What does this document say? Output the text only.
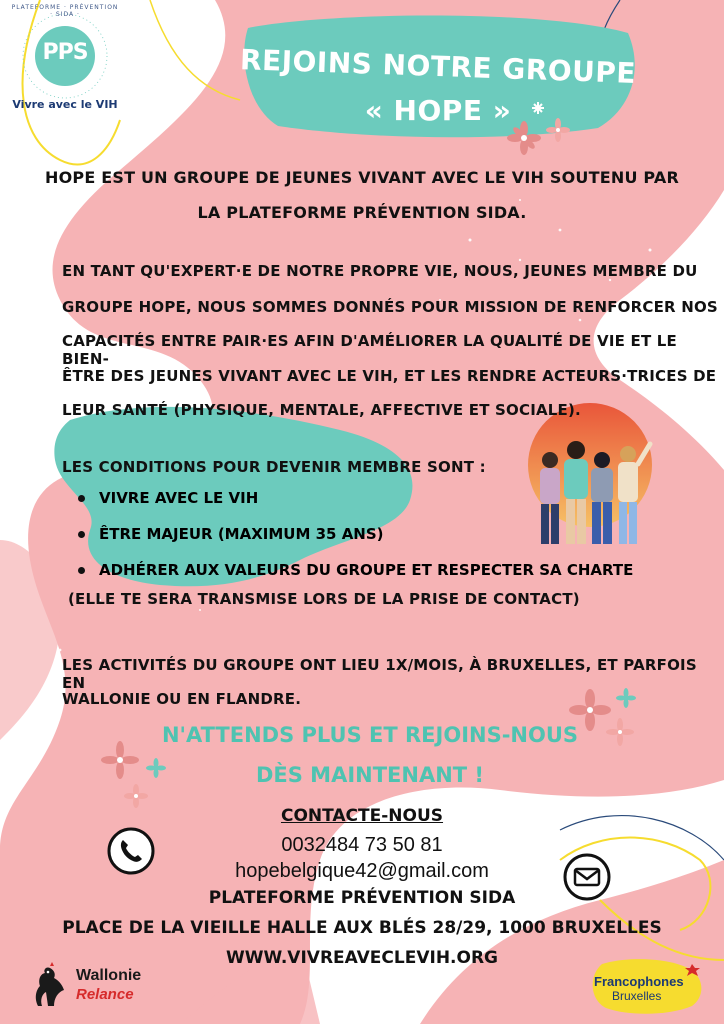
PPS
PLATEFORME · PRÉVENTION · SIDA ·
Vivre avec le VIH
REJOINS NOTRE GROUPE
« HOPE »
HOPE EST UN GROUPE DE JEUNES VIVANT AVEC LE VIH SOUTENU PAR
LA PLATEFORME PRÉVENTION SIDA.
EN TANT QU'EXPERT·E DE NOTRE PROPRE VIE, NOUS, JEUNES MEMBRE DU
GROUPE HOPE, NOUS SOMMES DONNÉS POUR MISSION DE RENFORCER NOS
CAPACITÉS ENTRE PAIR·ES AFIN D'AMÉLIORER LA QUALITÉ DE VIE ET LE BIEN-
ÊTRE DES JEUNES VIVANT AVEC LE VIH, ET LES RENDRE ACTEURS·TRICES DE
LEUR SANTÉ (PHYSIQUE, MENTALE, AFFECTIVE ET SOCIALE).
LES CONDITIONS POUR DEVENIR MEMBRE SONT :
VIVRE AVEC LE VIH
ÊTRE MAJEUR (MAXIMUM 35 ANS)
ADHÉRER AUX VALEURS DU GROUPE ET RESPECTER SA CHARTE
(ELLE TE SERA TRANSMISE LORS DE LA PRISE DE CONTACT)
LES ACTIVITÉS DU GROUPE ONT LIEU 1X/MOIS, À BRUXELLES, ET PARFOIS EN
WALLONIE OU EN FLANDRE.
N'ATTENDS PLUS ET REJOINS-NOUS
DÈS MAINTENANT !
CONTACTE-NOUS
0032484 73 50 81
hopebelgique42@gmail.com
PLATEFORME PRÉVENTION SIDA
PLACE DE LA VIEILLE HALLE AUX BLÉS 28/29, 1000 BRUXELLES
WWW.VIVREAVECLEVIH.ORG
Wallonie
Relance
Francophones
Bruxelles
